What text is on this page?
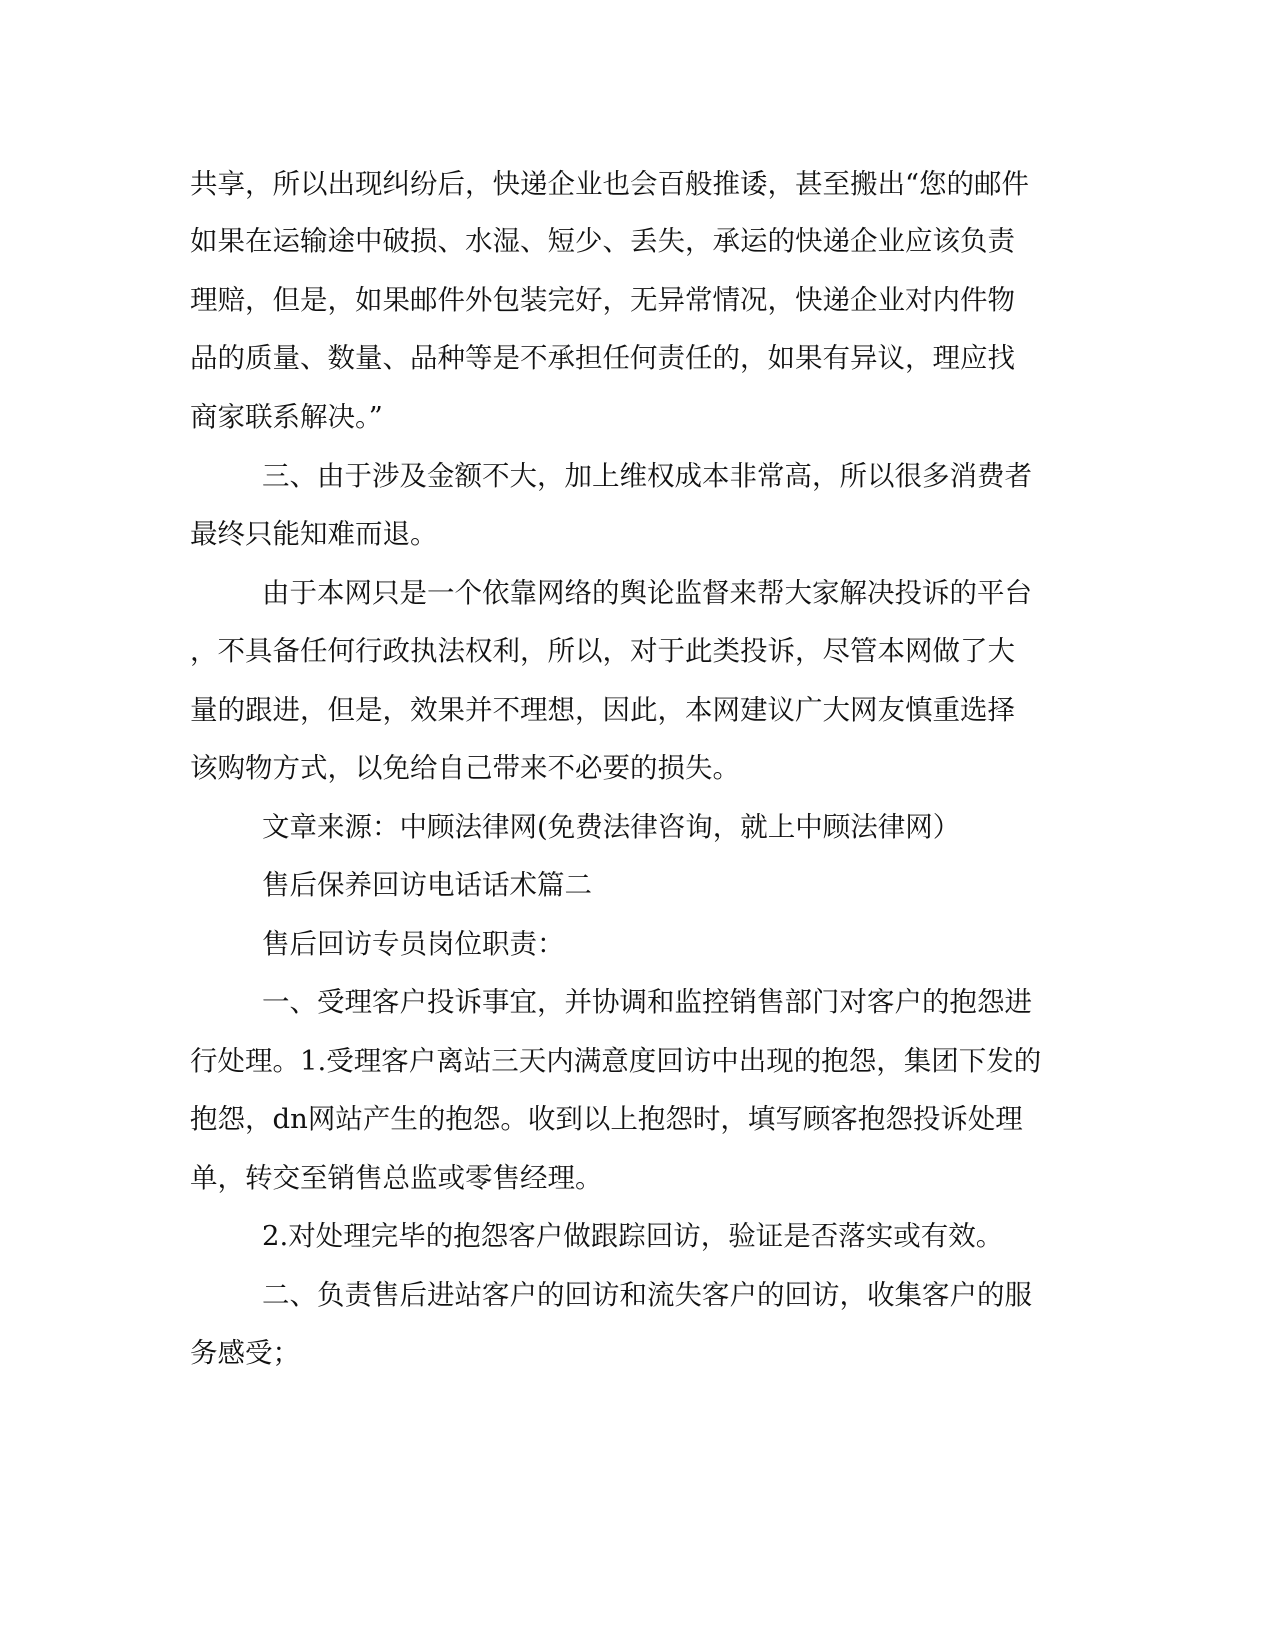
共享，所以出现纠纷后，快递企业也会百般推诿，甚至搬出“您的邮件

如果在运输途中破损、水湿、短少、丢失，承运的快递企业应该负责

理赔，但是，如果邮件外包装完好，无异常情况，快递企业对内件物

品的质量、数量、品种等是不承担任何责任的，如果有异议，理应找

商家联系解决。”

三、由于涉及金额不大，加上维权成本非常高，所以很多消费者

最终只能知难而退。

由于本网只是一个依靠网络的舆论监督来帮大家解决投诉的平台

，不具备任何行政执法权利，所以，对于此类投诉，尽管本网做了大

量的跟进，但是，效果并不理想，因此，本网建议广大网友慎重选择

该购物方式，以免给自己带来不必要的损失。

文章来源：中顾法律网(免费法律咨询，就上中顾法律网）

售后保养回访电话话术篇二

售后回访专员岗位职责：

一、受理客户投诉事宜，并协调和监控销售部门对客户的抱怨进

行处理。1.受理客户离站三天内满意度回访中出现的抱怨，集团下发的

抱怨，dn网站产生的抱怨。收到以上抱怨时，填写顾客抱怨投诉处理

单，转交至销售总监或零售经理。

2.对处理完毕的抱怨客户做跟踪回访，验证是否落实或有效。

二、负责售后进站客户的回访和流失客户的回访，收集客户的服

务感受；
